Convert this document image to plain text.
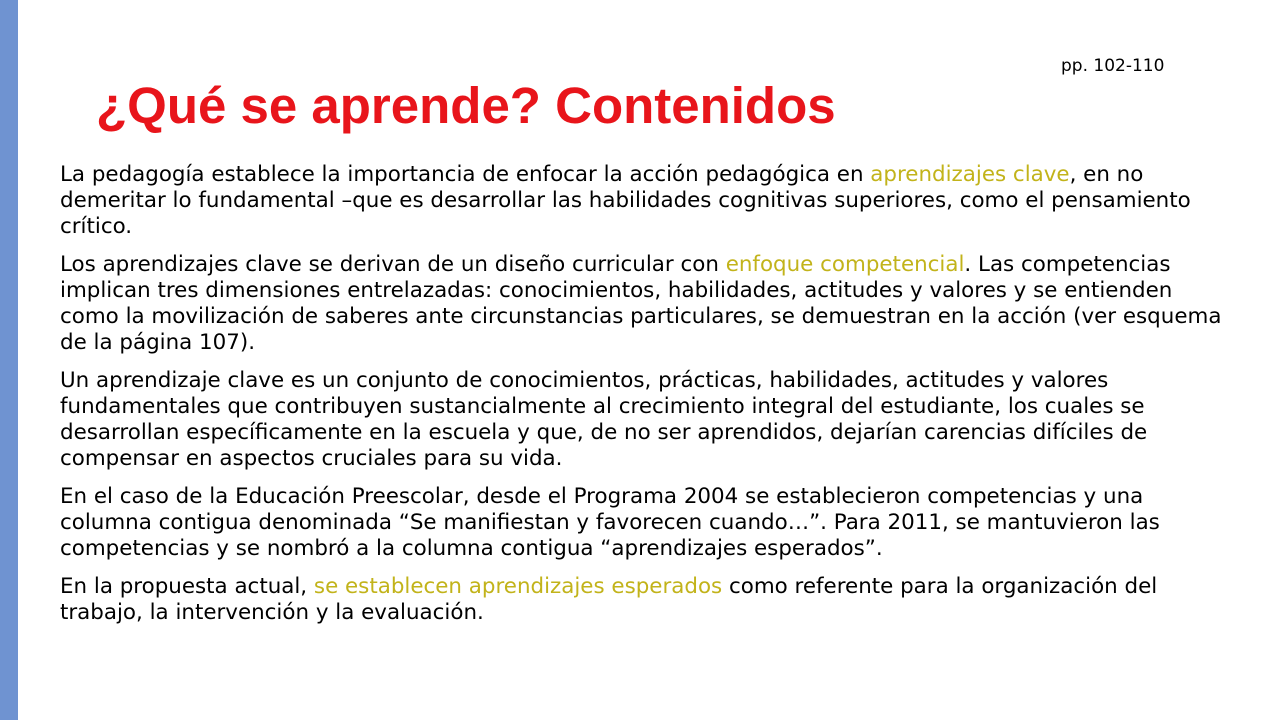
pp. 102-110
¿Qué se aprende? Contenidos

La pedagogía establece la importancia de enfocar la acción pedagógica en aprendizajes clave, en no demeritar lo fundamental –que es desarrollar las habilidades cognitivas superiores, como el pensamiento crítico.

Los aprendizajes clave se derivan de un diseño curricular con enfoque competencial. Las competencias implican tres dimensiones entrelazadas: conocimientos, habilidades, actitudes y valores y se entienden como la movilización de saberes ante circunstancias particulares, se demuestran en la acción (ver esquema de la página 107).

Un aprendizaje clave es un conjunto de conocimientos, prácticas, habilidades, actitudes y valores fundamentales que contribuyen sustancialmente al crecimiento integral del estudiante, los cuales se desarrollan específicamente en la escuela y que, de no ser aprendidos, dejarían carencias difíciles de compensar en aspectos cruciales para su vida.

En el caso de la Educación Preescolar, desde el Programa 2004 se establecieron competencias y una columna contigua denominada “Se manifiestan y favorecen cuando…”. Para 2011, se mantuvieron las competencias y se nombró a la columna contigua “aprendizajes esperados”.

En la propuesta actual, se establecen aprendizajes esperados como referente para la organización del trabajo, la intervención y la evaluación.
